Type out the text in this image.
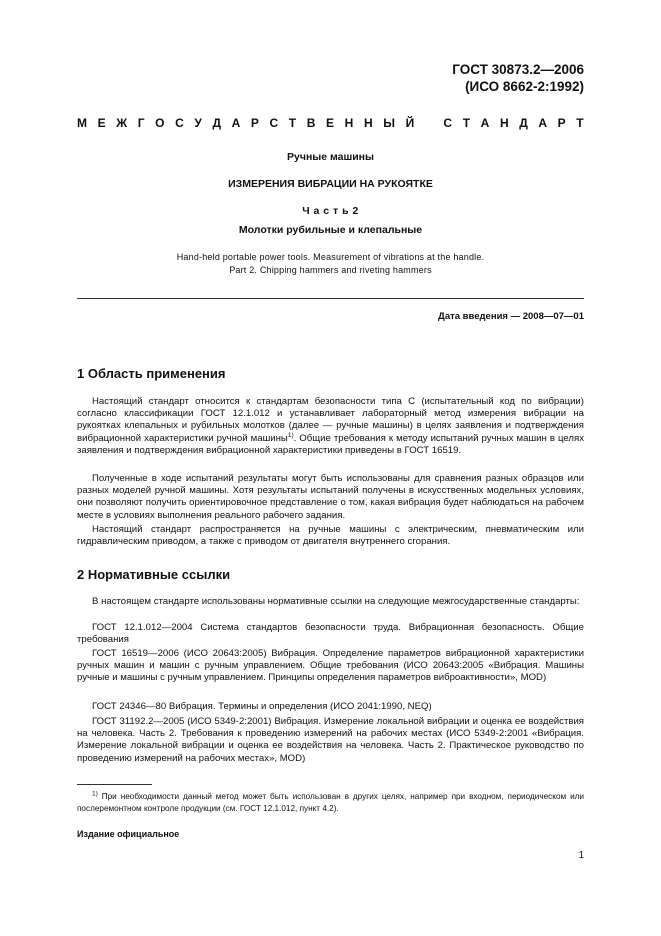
ГОСТ 30873.2—2006
(ИСО 8662-2:1992)
М Е Ж Г О С У Д А Р С Т В Е Н Н Ы Й С Т А Н Д А Р Т
Ручные машины
ИЗМЕРЕНИЯ ВИБРАЦИИ НА РУКОЯТКЕ
Ч а с т ь 2
Молотки рубильные и клепальные
Hand-held portable power tools. Measurement of vibrations at the handle.
Part 2. Chipping hammers and riveting hammers
Дата введения — 2008—07—01
1 Область применения

Настоящий стандарт относится к стандартам безопасности типа С (испытательный код по вибрации) согласно классификации ГОСТ 12.1.012 и устанавливает лабораторный метод измерения вибрации на рукоятках клепальных и рубильных молотков (далее — ручные машины) в целях заявления и подтверждения вибрационной характеристики ручной машины$^{1)}$. Общие требования к методу испытаний ручных машин в целях заявления и подтверждения вибрационной характеристики приведены в ГОСТ 16519.

Полученные в ходе испытаний результаты могут быть использованы для сравнения разных образцов или разных моделей ручной машины. Хотя результаты испытаний получены в искусственных модельных условиях, они позволяют получить ориентировочное представление о том, какая вибрация будет наблюдаться на рабочем месте в условиях выполнения реального рабочего задания.

Настоящий стандарт распространяется на ручные машины с электрическим, пневматическим или гидравлическим приводом, а также с приводом от двигателя внутреннего сгорания.

2 Нормативные ссылки

В настоящем стандарте использованы нормативные ссылки на следующие межгосударственные стандарты:

ГОСТ 12.1.012—2004 Система стандартов безопасности труда. Вибрационная безопасность. Общие требования

ГОСТ 16519—2006 (ИСО 20643:2005) Вибрация. Определение параметров вибрационной характеристики ручных машин и машин с ручным управлением. Общие требования (ИСО 20643:2005 «Вибрация. Машины ручные и машины с ручным управлением. Принципы определения параметров виброактивности», MOD)

ГОСТ 24346—80 Вибрация. Термины и определения (ИСО 2041:1990, NEQ)

ГОСТ 31192.2—2005 (ИСО 5349-2:2001) Вибрация. Измерение локальной вибрации и оценка ее воздействия на человека. Часть 2. Требования к проведению измерений на рабочих местах (ИСО 5349-2:2001 «Вибрация. Измерение локальной вибрации и оценка ее воздействия на человека. Часть 2. Практическое руководство по проведению измерений на рабочих местах», MOD)

$^{1)}$ При необходимости данный метод может быть использован в других целях, например при входном, периодическом или послеремонтном контроле продукции (см. ГОСТ 12.1.012, пункт 4.2).
Издание официальное
1
